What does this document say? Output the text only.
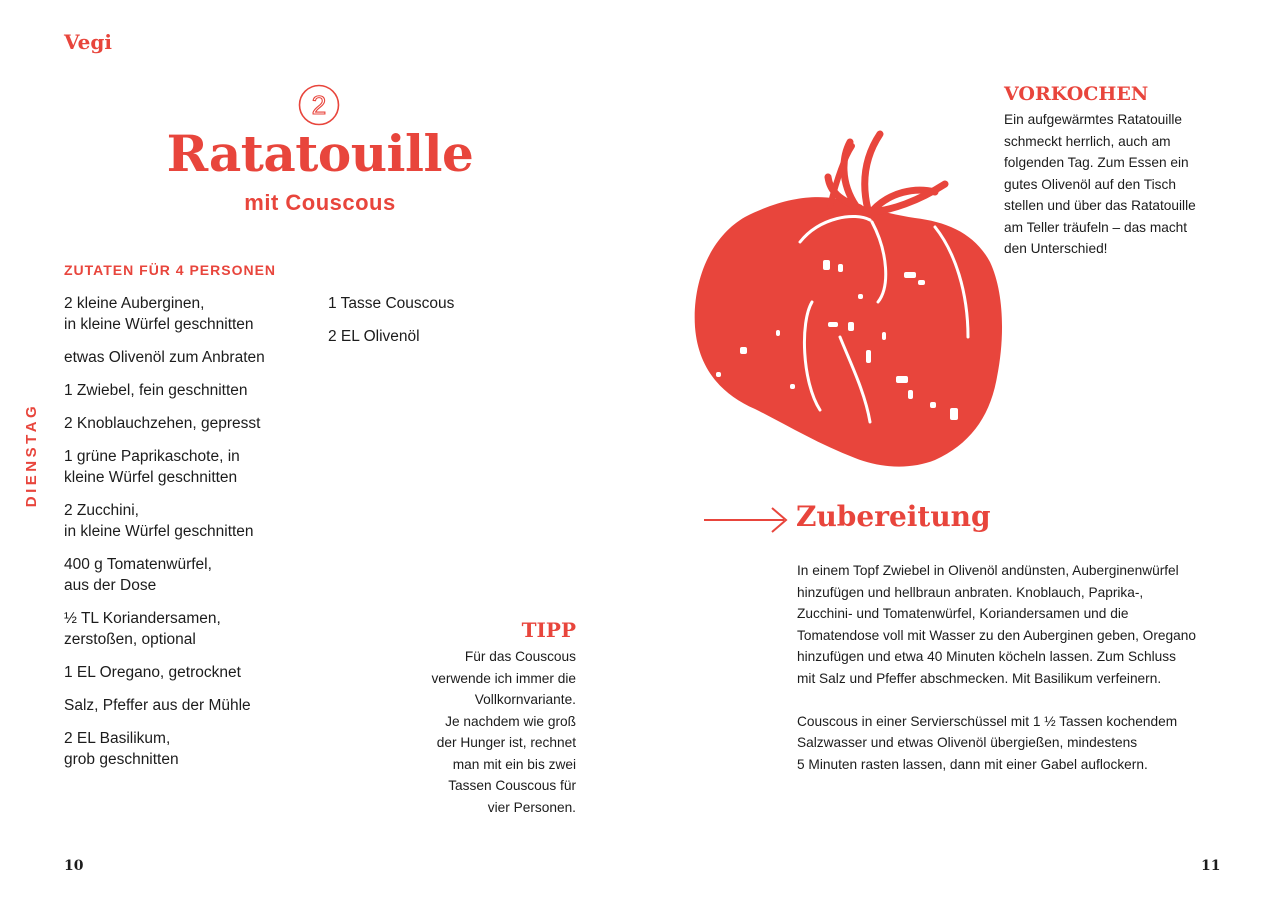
Vegi
2
Ratatouille
mit Couscous
ZUTATEN FÜR 4 PERSONEN
2 kleine Auberginen,
in kleine Würfel geschnitten
etwas Olivenöl zum Anbraten
1 Zwiebel, fein geschnitten
2 Knoblauchzehen, gepresst
1 grüne Paprikaschote, in
kleine Würfel geschnitten
2 Zucchini,
in kleine Würfel geschnitten
400 g Tomatenwürfel,
aus der Dose
½ TL Koriandersamen,
zerstoßen, optional
1 EL Oregano, getrocknet
Salz, Pfeffer aus der Mühle
2 EL Basilikum,
grob geschnitten
1 Tasse Couscous
2 EL Olivenöl
DIENSTAG
TIPP
Für das Couscous
verwende ich immer die
Vollkornvariante.
Je nachdem wie groß
der Hunger ist, rechnet
man mit ein bis zwei
Tassen Couscous für
vier Personen.
10
VORKOCHEN
Ein aufgewärmtes Ratatouille
schmeckt herrlich, auch am
folgenden Tag. Zum Essen ein
gutes Olivenöl auf den Tisch
stellen und über das Ratatouille
am Teller träufeln – das macht
den Unterschied!
Zubereitung

In einem Topf Zwiebel in Olivenöl andünsten, Auberginenwürfel
hinzufügen und hellbraun anbraten. Knoblauch, Paprika-,
Zucchini- und Tomatenwürfel, Koriandersamen und die
Tomatendose voll mit Wasser zu den Auberginen geben, Oregano
hinzufügen und etwa 40 Minuten köcheln lassen. Zum Schluss
mit Salz und Pfeffer abschmecken. Mit Basilikum verfeinern.

Couscous in einer Servierschüssel mit 1 ½ Tassen kochendem
Salzwasser und etwas Olivenöl übergießen, mindestens
5 Minuten rasten lassen, dann mit einer Gabel auflockern.

11
